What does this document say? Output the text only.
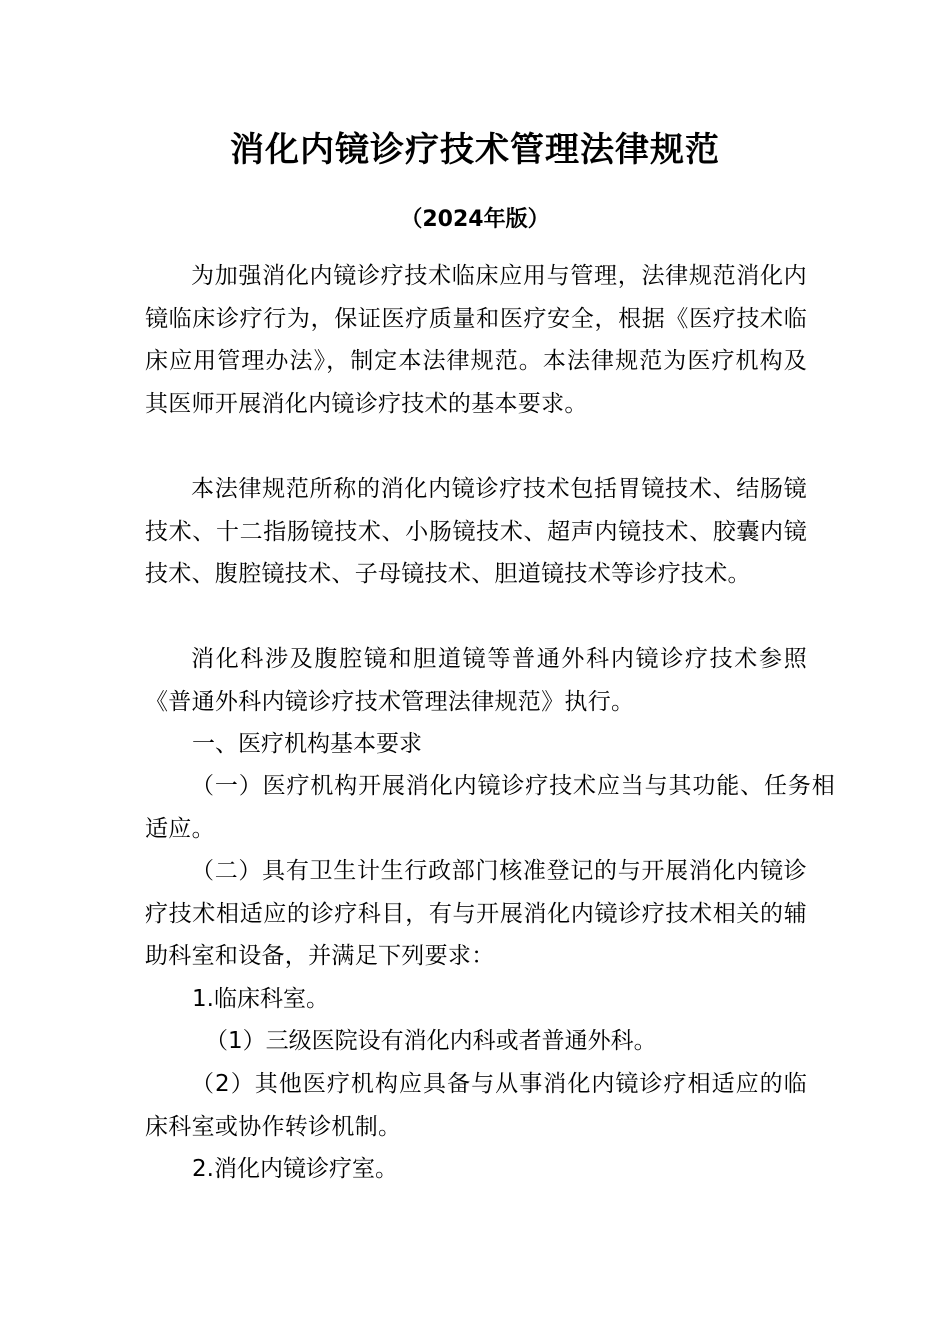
消化内镜诊疗技术管理法律规范
（2024年版）
为加强消化内镜诊疗技术临床应用与管理，法律规范消化内镜临床诊疗行为，保证医疗质量和医疗安全，根据《医疗技术临床应用管理办法》，制定本法律规范。本法律规范为医疗机构及其医师开展消化内镜诊疗技术的基本要求。
本法律规范所称的消化内镜诊疗技术包括胃镜技术、结肠镜技术、十二指肠镜技术、小肠镜技术、超声内镜技术、胶囊内镜技术、腹腔镜技术、子母镜技术、胆道镜技术等诊疗技术。
消化科涉及腹腔镜和胆道镜等普通外科内镜诊疗技术参照《普通外科内镜诊疗技术管理法律规范》执行。
一、医疗机构基本要求
（一）医疗机构开展消化内镜诊疗技术应当与其功能、任务相适应。
（二）具有卫生计生行政部门核准登记的与开展消化内镜诊疗技术相适应的诊疗科目，有与开展消化内镜诊疗技术相关的辅助科室和设备，并满足下列要求：
1.临床科室。
（1）三级医院设有消化内科或者普通外科。
（2）其他医疗机构应具备与从事消化内镜诊疗相适应的临床科室或协作转诊机制。
2.消化内镜诊疗室。
